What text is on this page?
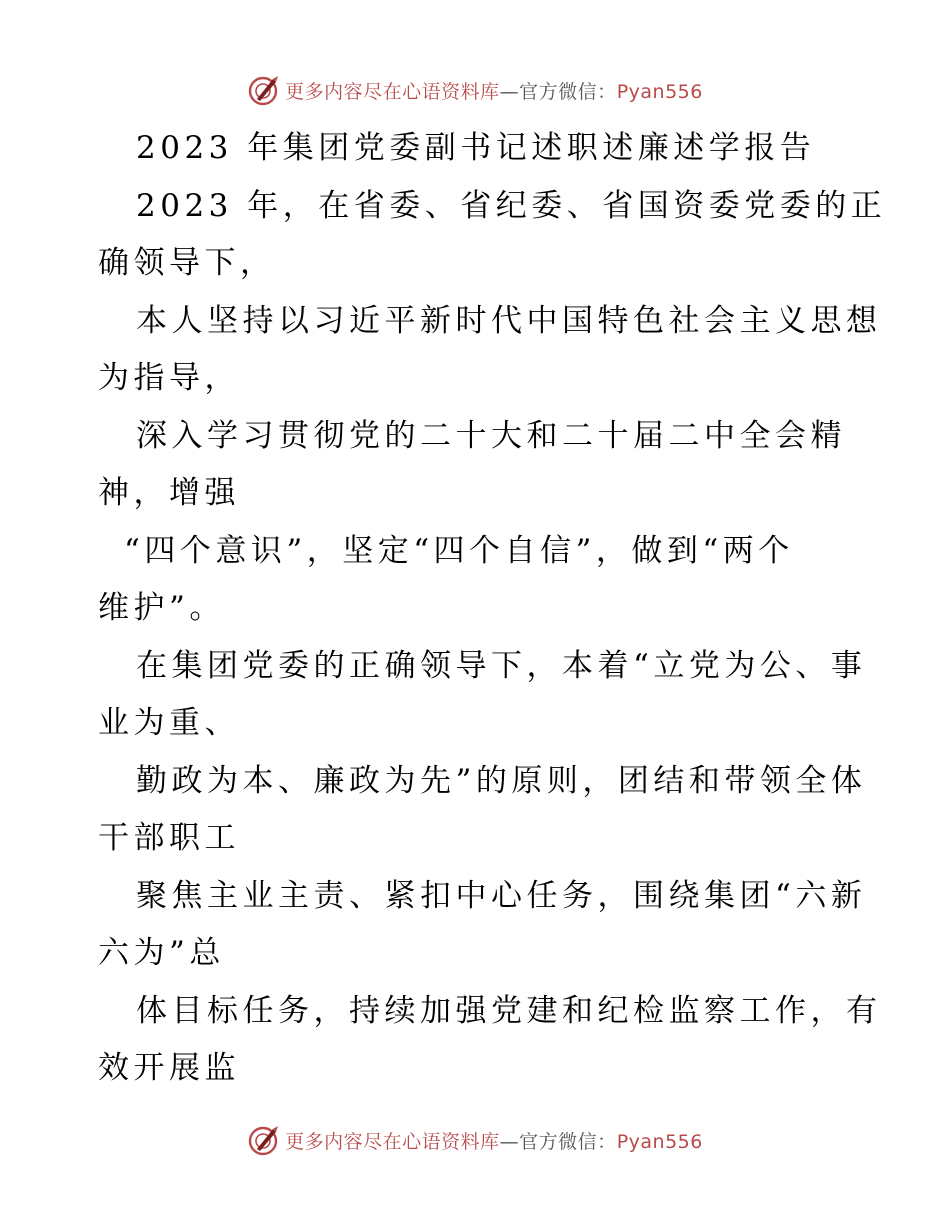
更多内容尽在心语资料库—官方微信：Pyan556
2023 年集团党委副书记述职述廉述学报告
2023 年，在省委、省纪委、省国资委党委的正
确领导下，
本人坚持以习近平新时代中国特色社会主义思想
为指导，
深入学习贯彻党的二十大和二十届二中全会精
神，增强
“四个意识”，坚定“四个自信”，做到“两个
维护”。
在集团党委的正确领导下，本着“立党为公、事
业为重、
勤政为本、廉政为先”的原则，团结和带领全体
干部职工
聚焦主业主责、紧扣中心任务，围绕集团“六新
六为”总
体目标任务，持续加强党建和纪检监察工作，有
效开展监
更多内容尽在心语资料库—官方微信：Pyan556
